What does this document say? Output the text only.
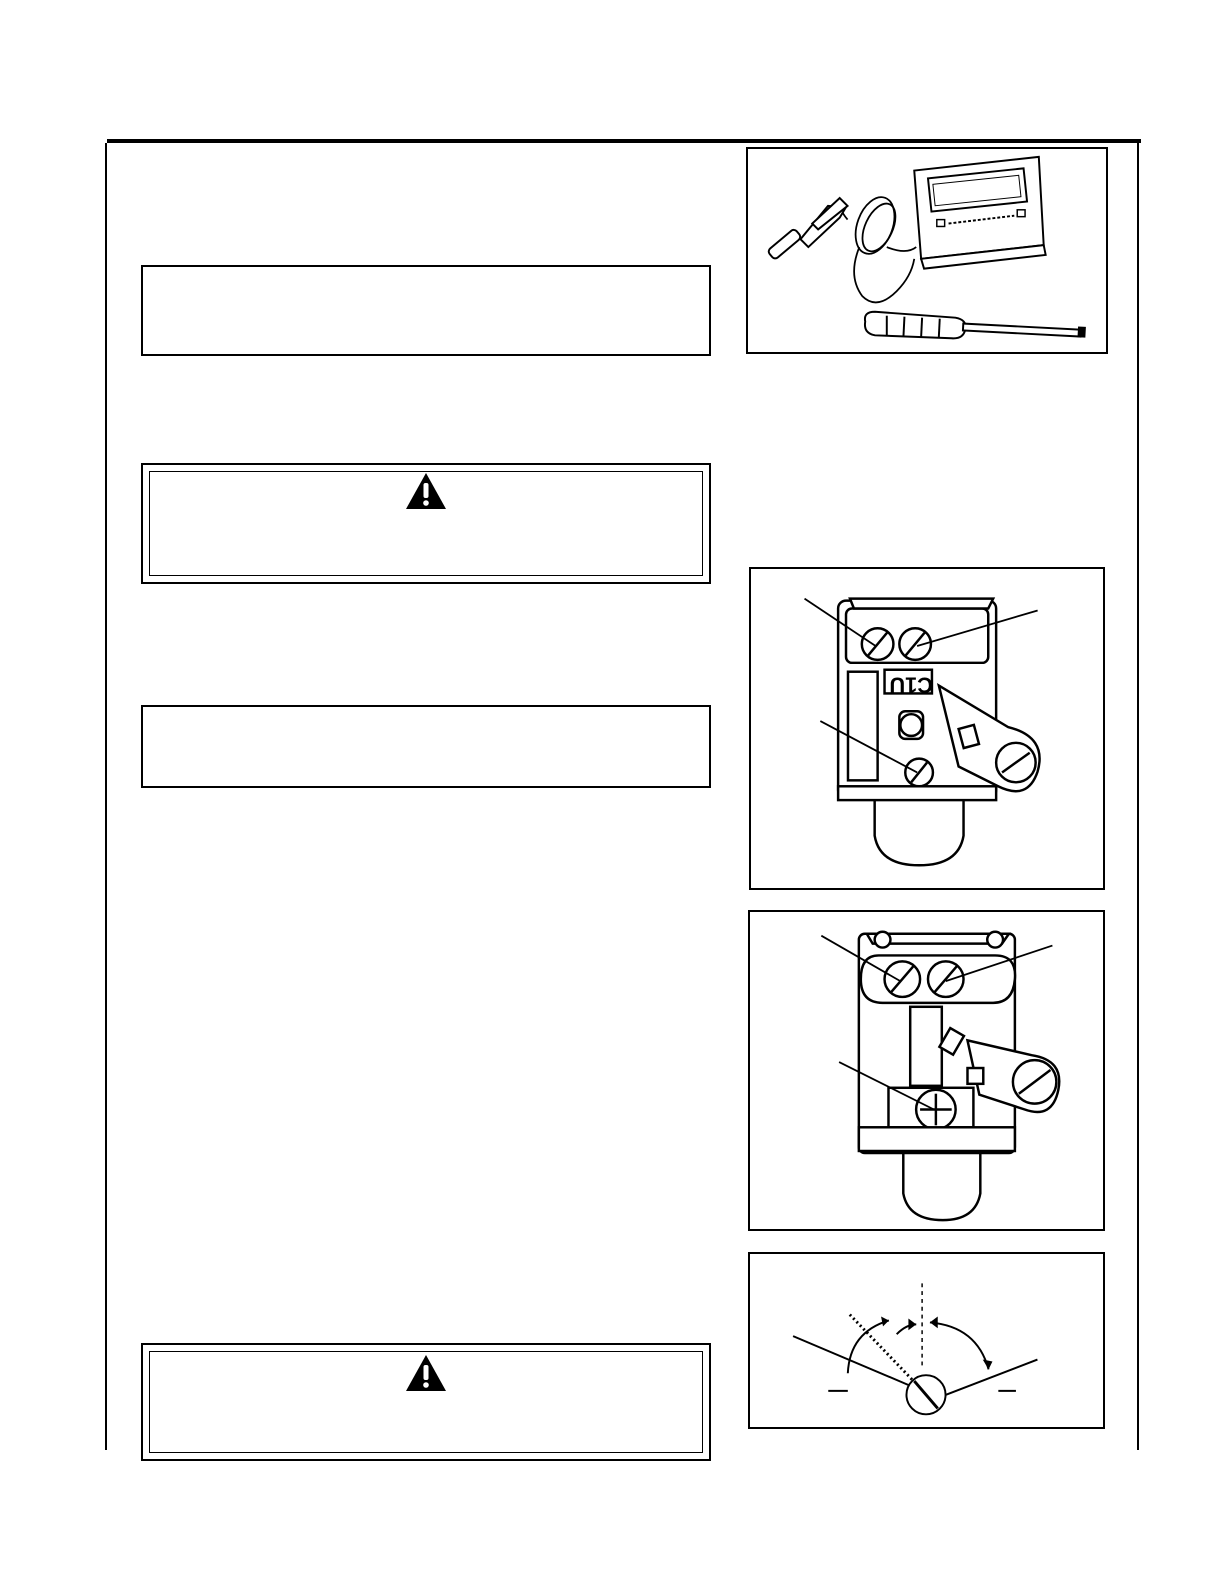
C1U
